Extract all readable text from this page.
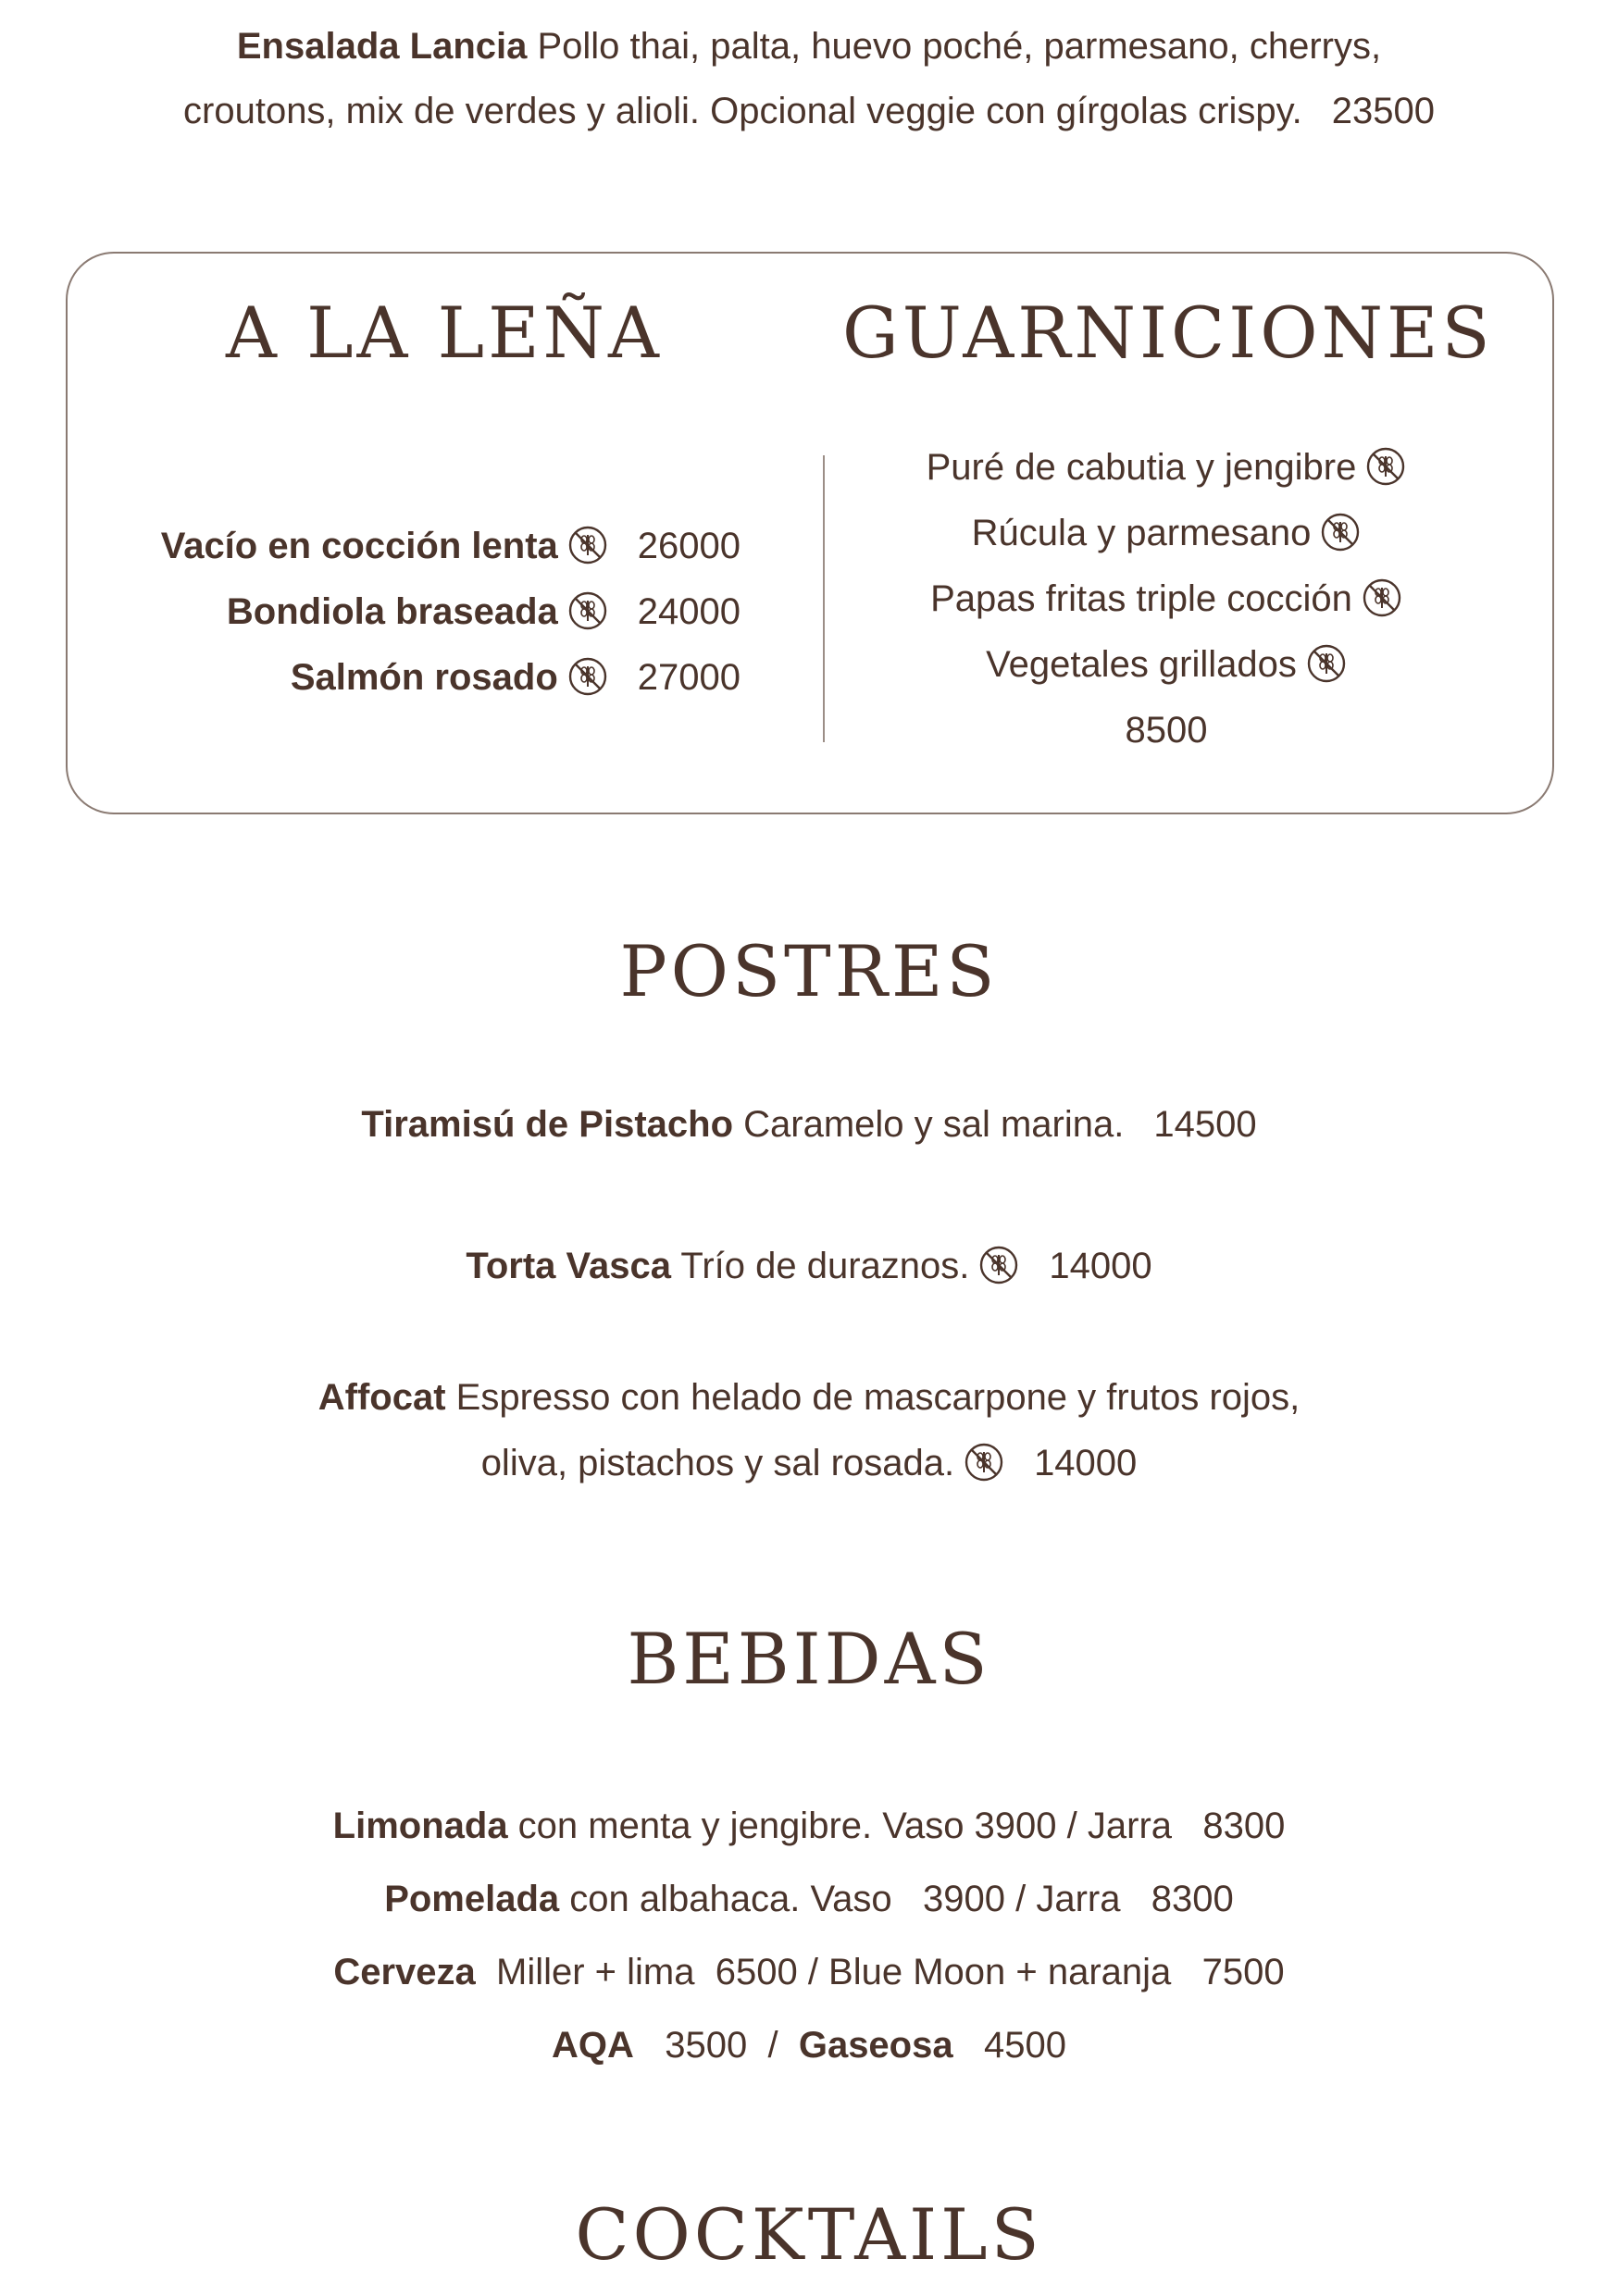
Ensalada Lancia Pollo thai, palta, huevo poché, parmesano, cherrys,
croutons, mix de verdes y alioli. Opcional veggie con gírgolas crispy. 23500
A LA LEÑA	GUARNICIONES
Vacío en cocción lenta 26000
Bondiola braseada 24000
Salmón rosado 27000
Puré de cabutia y jengibre
Rúcula y parmesano
Papas fritas triple cocción
Vegetales grillados
8500
POSTRES
Tiramisú de Pistacho Caramelo y sal marina. 14500
Torta Vasca Trío de duraznos. 14000
Affocat Espresso con helado de mascarpone y frutos rojos,
oliva, pistachos y sal rosada. 14000
BEBIDAS
Limonada con menta y jengibre. Vaso 3900 / Jarra   8300
Pomelada con albahaca. Vaso   3900 / Jarra   8300
Cerveza  Miller + lima  6500 / Blue Moon + naranja   7500
AQA   3500  /  Gaseosa   4500
COCKTAILS
